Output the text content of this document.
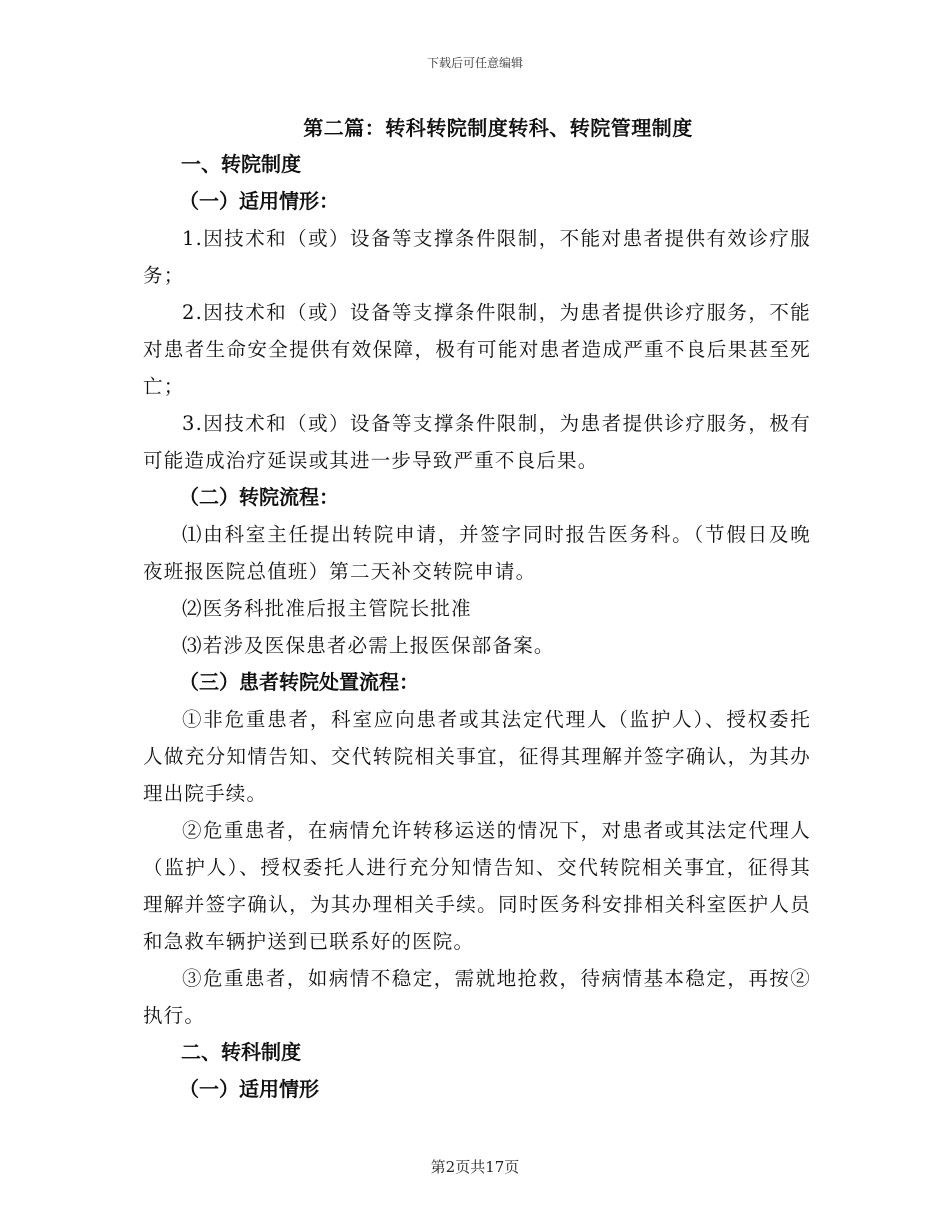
下载后可任意编辑
第二篇：转科转院制度转科、转院管理制度

一、转院制度

（一）适用情形：

1.因技术和（或）设备等支撑条件限制，不能对患者提供有效诊疗服务；

2.因技术和（或）设备等支撑条件限制，为患者提供诊疗服务，不能对患者生命安全提供有效保障，极有可能对患者造成严重不良后果甚至死亡；

3.因技术和（或）设备等支撑条件限制，为患者提供诊疗服务，极有可能造成治疗延误或其进一步导致严重不良后果。

（二）转院流程：

⑴由科室主任提出转院申请，并签字同时报告医务科。（节假日及晚夜班报医院总值班）第二天补交转院申请。

⑵医务科批准后报主管院长批准

⑶若涉及医保患者必需上报医保部备案。

（三）患者转院处置流程：

①非危重患者，科室应向患者或其法定代理人（监护人）、授权委托人做充分知情告知、交代转院相关事宜，征得其理解并签字确认，为其办理出院手续。

②危重患者，在病情允许转移运送的情况下，对患者或其法定代理人（监护人）、授权委托人进行充分知情告知、交代转院相关事宜，征得其理解并签字确认，为其办理相关手续。同时医务科安排相关科室医护人员和急救车辆护送到已联系好的医院。

③危重患者，如病情不稳定，需就地抢救，待病情基本稳定，再按②执行。

二、转科制度

（一）适用情形

第2页共17页
